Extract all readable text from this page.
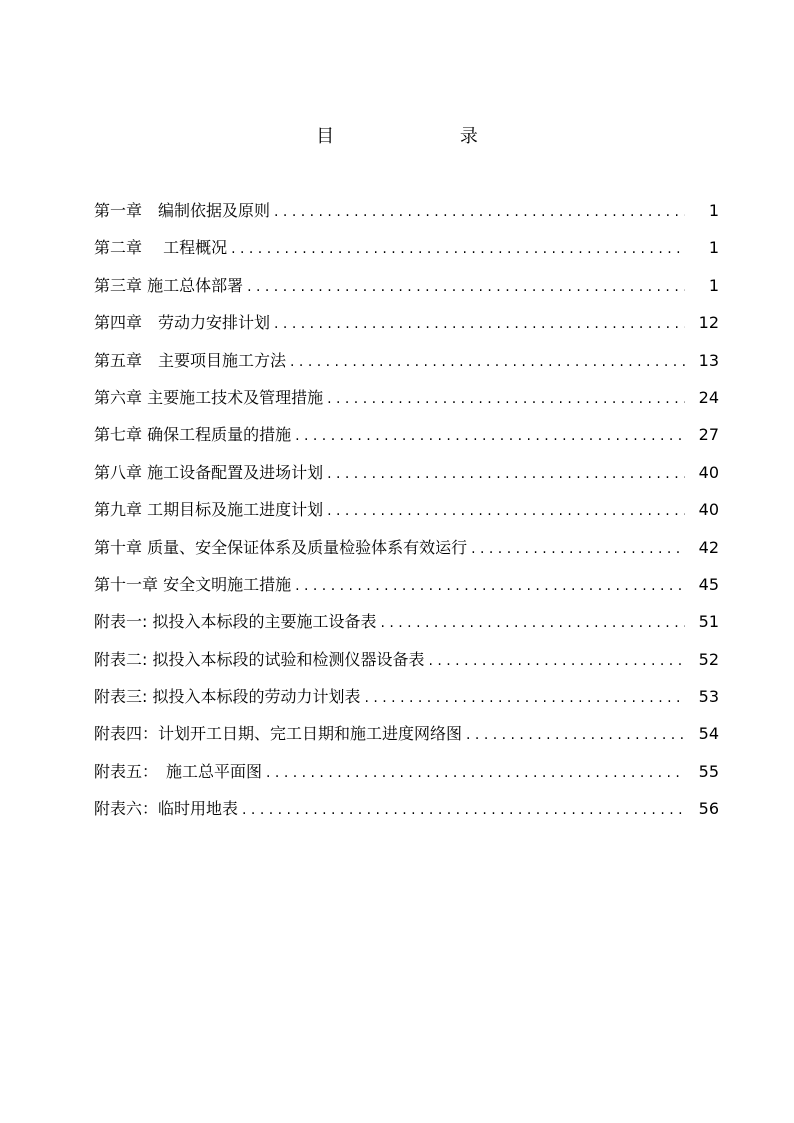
目 录
第一章　编制依据及原则 . . .	1
第二章　 工程概况 . . .	1
第三章 施工总体部署 . . .	1
第四章　劳动力安排计划 . . .	12
第五章　主要项目施工方法 . . .	13
第六章 主要施工技术及管理措施 . . .	24
第七章 确保工程质量的措施 . . .	27
第八章 施工设备配置及进场计划 . . .	40
第九章 工期目标及施工进度计划 . . .	40
第十章 质量、安全保证体系及质量检验体系有效运行 . . .	42
第十一章 安全文明施工措施 . . .	45
附表一: 拟投入本标段的主要施工设备表 . . .	51
附表二: 拟投入本标段的试验和检测仪器设备表 . . .	52
附表三: 拟投入本标段的劳动力计划表 . . .	53
附表四：计划开工日期、完工日期和施工进度网络图 . . .	54
附表五：　施工总平面图 . . .	55
附表六：临时用地表 . . .	56
